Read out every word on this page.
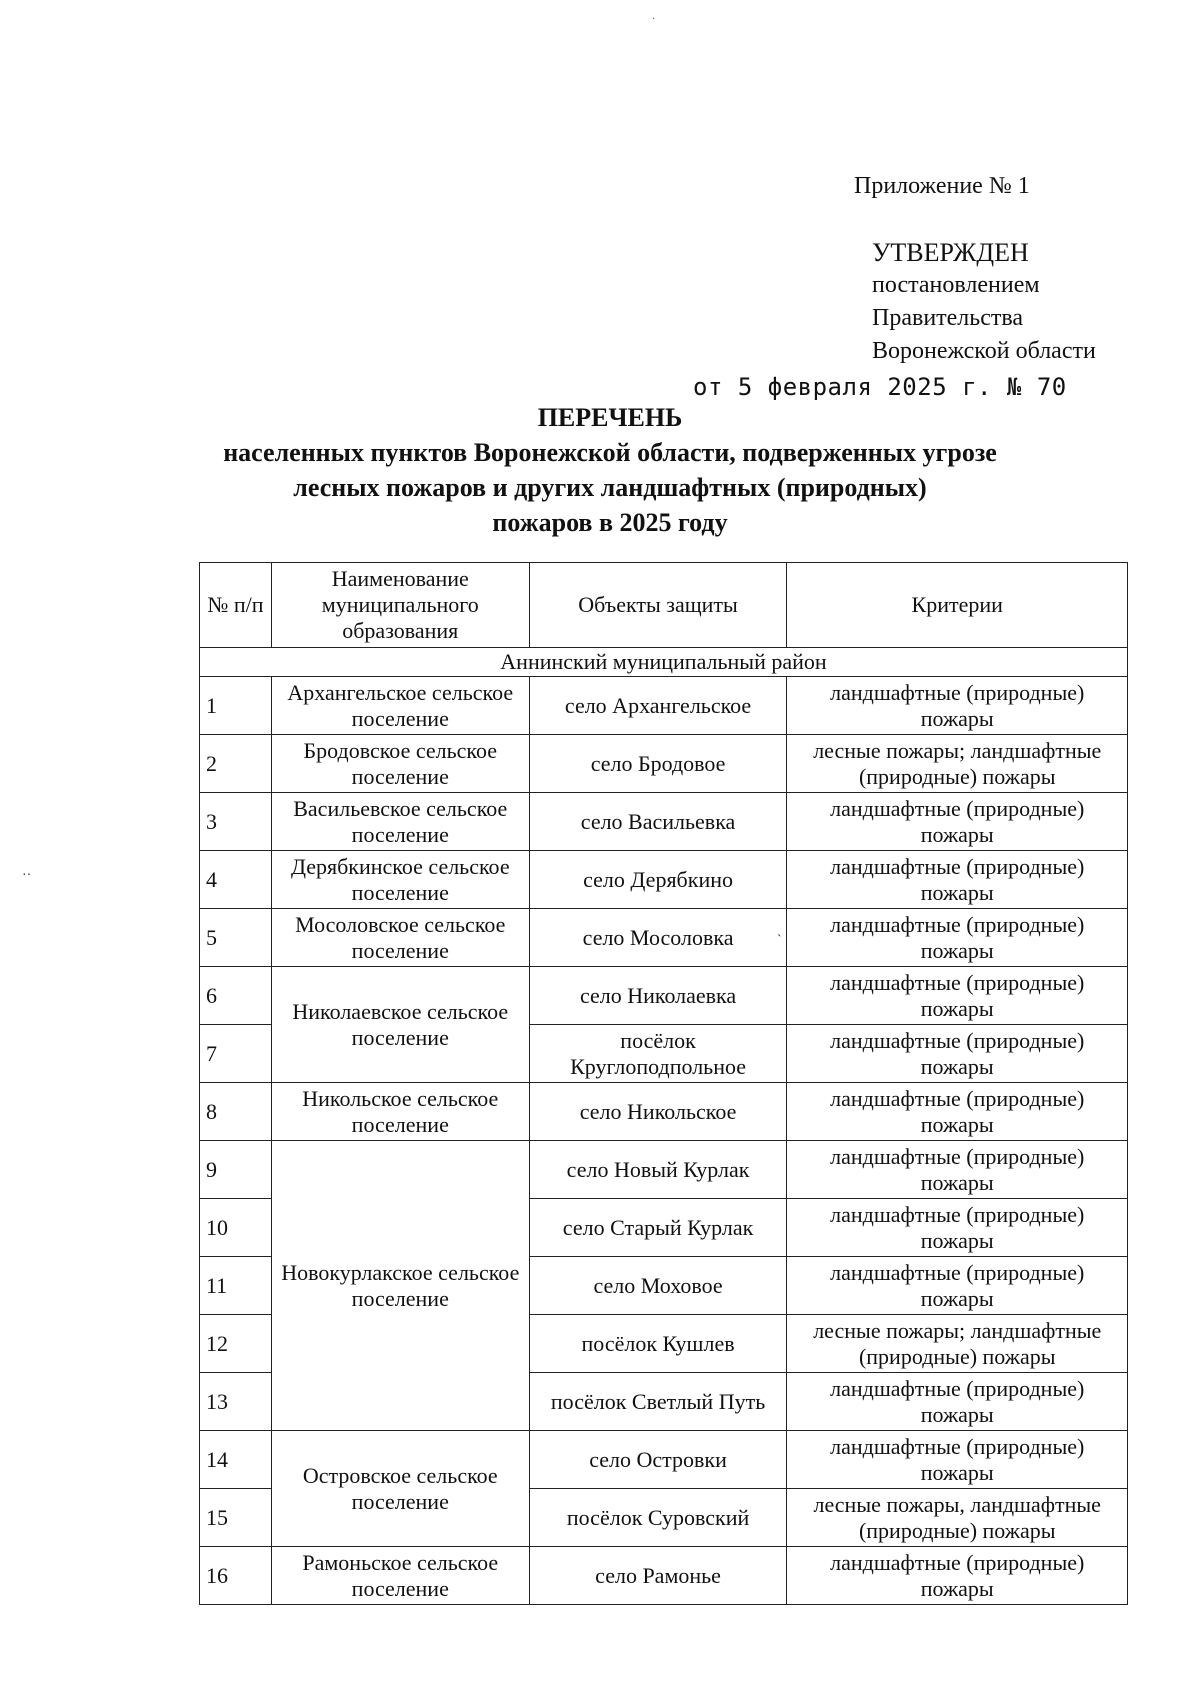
·
Приложение № 1
УТВЕРЖДЕН
постановлением
Правительства
Воронежской области
от 5 февраля 2025 г. № 70
ПЕРЕЧЕНЬ
населенных пунктов Воронежской области, подверженных угрозе
лесных пожаров и других ландшафтных (природных)
пожаров в 2025 году
··
`
№ п/п	Наименование муниципального образования	Объекты защиты	Критерии
Аннинский муниципальный район			
1	Архангельское сельское поселение	село Архангельское	ландшафтные (природные) пожары
2	Бродовское сельское поселение	село Бродовое	лесные пожары; ландшафтные (природные) пожары
3	Васильевское сельское поселение	село Васильевка	ландшафтные (природные) пожары
4	Дерябкинское сельское поселение	село Дерябкино	ландшафтные (природные) пожары
5	Мосоловское сельское поселение	село Мосоловка	ландшафтные (природные) пожары
6	Николаевское сельское поселение	село Николаевка	ландшафтные (природные) пожары
7		посёлок Круглоподпольное	ландшафтные (природные) пожары
8	Никольское сельское поселение	село Никольское	ландшафтные (природные) пожары
9	Новокурлакское сельское поселение	село Новый Курлак	ландшафтные (природные) пожары
10		село Старый Курлак	ландшафтные (природные) пожары
11		село Моховое	ландшафтные (природные) пожары
12		посёлок Кушлев	лесные пожары; ландшафтные (природные) пожары
13		посёлок Светлый Путь	ландшафтные (природные) пожары
14	Островское сельское поселение	село Островки	ландшафтные (природные) пожары
15		посёлок Суровский	лесные пожары, ландшафтные (природные) пожары
16	Рамоньское сельское поселение	село Рамонье	ландшафтные (природные) пожары
